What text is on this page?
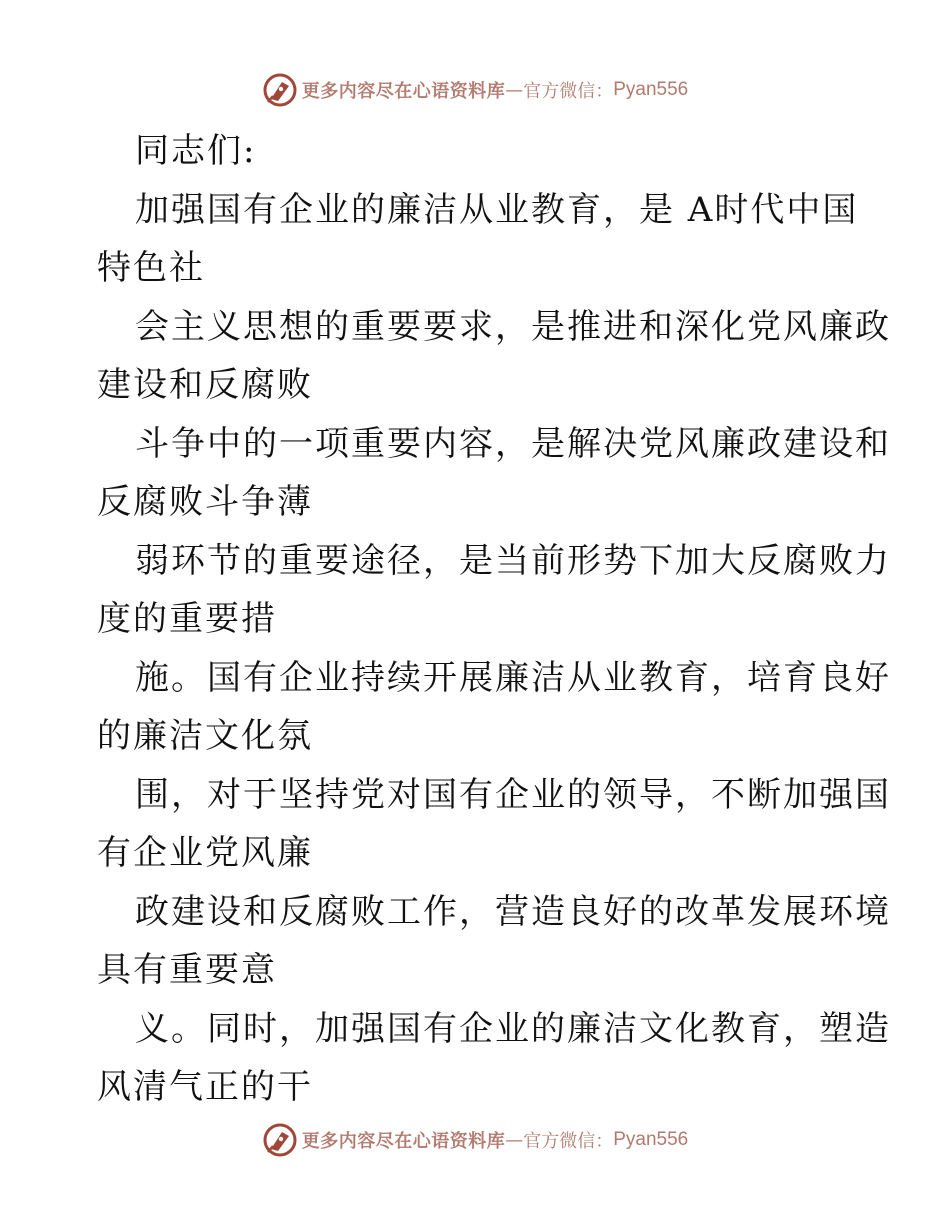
更多内容尽在心语资料库 — 官方微信： Pyan556
同志们:
加强国有企业的廉洁从业教育，是 A时代中国
特色社
会主义思想的重要要求，是推进和深化党风廉政
建设和反腐败
斗争中的一项重要内容，是解决党风廉政建设和
反腐败斗争薄
弱环节的重要途径，是当前形势下加大反腐败力
度的重要措
施。国有企业持续开展廉洁从业教育，培育良好
的廉洁文化氛
围，对于坚持党对国有企业的领导，不断加强国
有企业党风廉
政建设和反腐败工作，营造良好的改革发展环境
具有重要意
义。同时，加强国有企业的廉洁文化教育，塑造
风清气正的干
更多内容尽在心语资料库 — 官方微信： Pyan556
